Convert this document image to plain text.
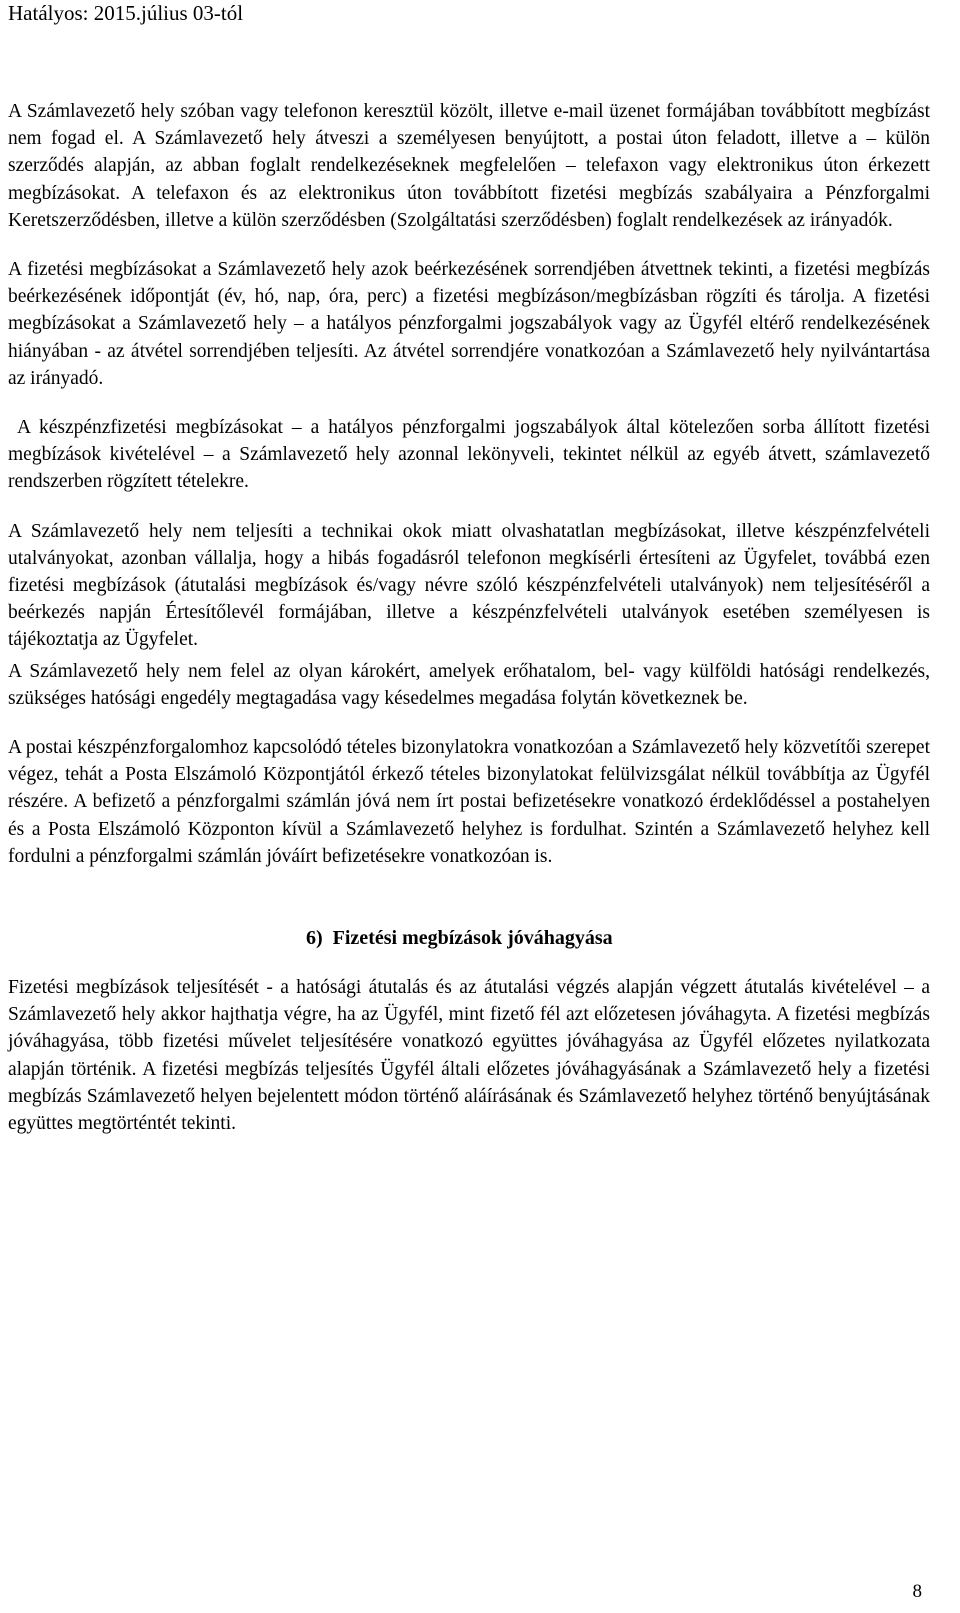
Hatályos: 2015.július 03-tól

A Számlavezető hely szóban vagy telefonon keresztül közölt, illetve e-mail üzenet formájában továbbított megbízást nem fogad el. A Számlavezető hely átveszi a személyesen benyújtott, a postai úton feladott, illetve a – külön szerződés alapján, az abban foglalt rendelkezéseknek megfelelően – telefaxon vagy elektronikus úton érkezett megbízásokat. A telefaxon és az elektronikus úton továbbított fizetési megbízás szabályaira a Pénzforgalmi Keretszerződésben, illetve a külön szerződésben (Szolgáltatási szerződésben) foglalt rendelkezések az irányadók.

A fizetési megbízásokat a Számlavezető hely azok beérkezésének sorrendjében átvettnek tekinti, a fizetési megbízás beérkezésének időpontját (év, hó, nap, óra, perc) a fizetési megbízáson/megbízásban rögzíti és tárolja. A fizetési megbízásokat a Számlavezető hely – a hatályos pénzforgalmi jogszabályok vagy az Ügyfél eltérő rendelkezésének hiányában - az átvétel sorrendjében teljesíti. Az átvétel sorrendjére vonatkozóan a Számlavezető hely nyilvántartása az irányadó.

A készpénzfizetési megbízásokat – a hatályos pénzforgalmi jogszabályok által kötelezően sorba állított fizetési megbízások kivételével – a Számlavezető hely azonnal lekönyveli, tekintet nélkül az egyéb átvett, számlavezető rendszerben rögzített tételekre.

A Számlavezető hely nem teljesíti a technikai okok miatt olvashatatlan megbízásokat, illetve készpénzfelvételi utalványokat, azonban vállalja, hogy a hibás fogadásról telefonon megkísérli értesíteni az Ügyfelet, továbbá ezen fizetési megbízások (átutalási megbízások és/vagy névre szóló készpénzfelvételi utalványok) nem teljesítéséről a beérkezés napján Értesítőlevél formájában, illetve a készpénzfelvételi utalványok esetében személyesen is tájékoztatja az Ügyfelet.

A Számlavezető hely nem felel az olyan károkért, amelyek erőhatalom, bel- vagy külföldi hatósági rendelkezés, szükséges hatósági engedély megtagadása vagy késedelmes megadása folytán következnek be.

A postai készpénzforgalomhoz kapcsolódó tételes bizonylatokra vonatkozóan a Számlavezető hely közvetítői szerepet végez, tehát a Posta Elszámoló Központjától érkező tételes bizonylatokat felülvizsgálat nélkül továbbítja az Ügyfél részére. A befizető a pénzforgalmi számlán jóvá nem írt postai befizetésekre vonatkozó érdeklődéssel a postahelyen és a Posta Elszámoló Központon kívül a Számlavezető helyhez is fordulhat. Szintén a Számlavezető helyhez kell fordulni a pénzforgalmi számlán jóváírt befizetésekre vonatkozóan is.

6)  Fizetési megbízások jóváhagyása

Fizetési megbízások teljesítését - a hatósági átutalás és az átutalási végzés alapján végzett átutalás kivételével – a Számlavezető hely akkor hajthatja végre, ha az Ügyfél, mint fizető fél azt előzetesen jóváhagyta. A fizetési megbízás jóváhagyása, több fizetési művelet teljesítésére vonatkozó együttes jóváhagyása az Ügyfél előzetes nyilatkozata alapján történik. A fizetési megbízás teljesítés Ügyfél általi előzetes jóváhagyásának a Számlavezető hely a fizetési megbízás Számlavezető helyen bejelentett módon történő aláírásának és Számlavezető helyhez történő benyújtásának együttes megtörténtét tekinti.

8
